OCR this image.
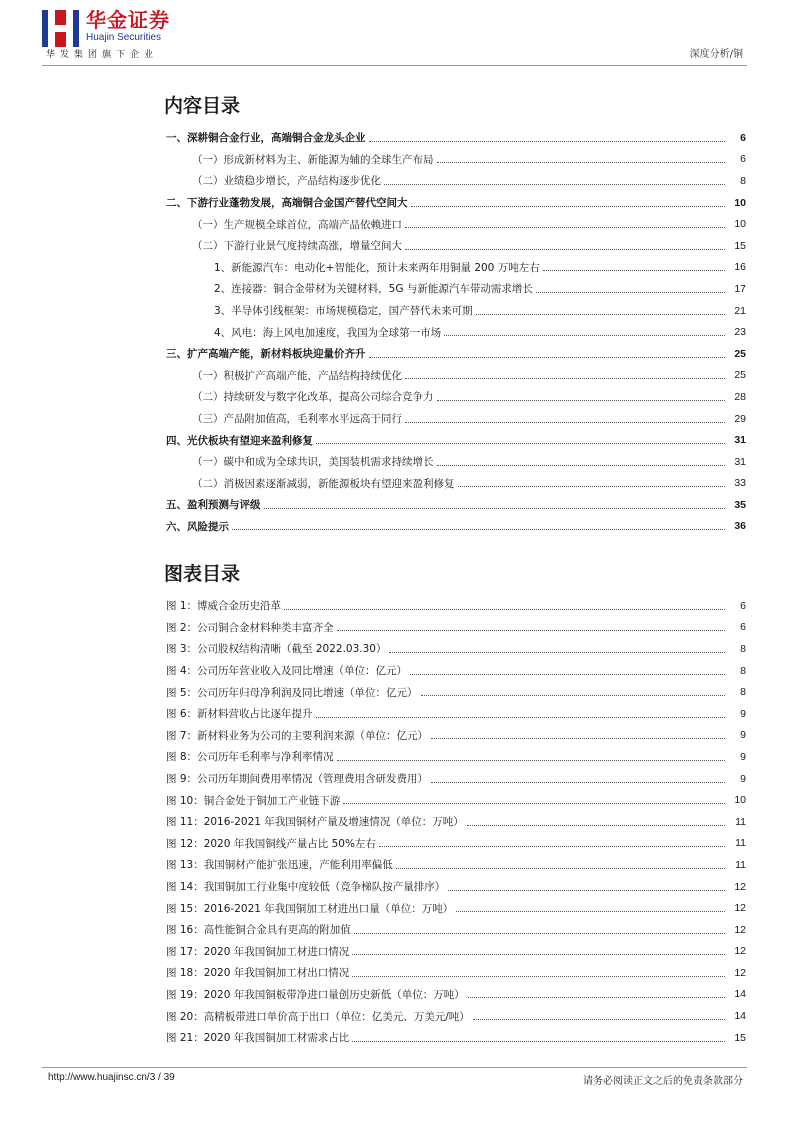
华金证券
Huajin Securities
华发集团旗下企业	深度分析/铜
内容目录
一、深耕铜合金行业，高端铜合金龙头企业	6
（一）形成新材料为主、新能源为辅的全球生产布局	6
（二）业绩稳步增长，产品结构逐步优化	8
二、下游行业蓬勃发展，高端铜合金国产替代空间大	10
（一）生产规模全球首位，高端产品依赖进口	10
（二）下游行业景气度持续高涨，增量空间大	15
1、新能源汽车：电动化+智能化，预计未来两年用铜量 200 万吨左右	16
2、连接器：铜合金带材为关键材料，5G 与新能源汽车带动需求增长	17
3、半导体引线框架：市场规模稳定，国产替代未来可期	21
4、风电：海上风电加速度，我国为全球第一市场	23
三、扩产高端产能，新材料板块迎量价齐升	25
（一）积极扩产高端产能，产品结构持续优化	25
（二）持续研发与数字化改革，提高公司综合竞争力	28
（三）产品附加值高，毛利率水平远高于同行	29
四、光伏板块有望迎来盈利修复	31
（一）碳中和成为全球共识，美国装机需求持续增长	31
（二）消极因素逐渐减弱，新能源板块有望迎来盈利修复	33
五、盈利预测与评级	35
六、风险提示	36
图表目录
图 1：博威合金历史沿革	6
图 2：公司铜合金材料种类丰富齐全	6
图 3：公司股权结构清晰（截至 2022.03.30）	8
图 4：公司历年营业收入及同比增速（单位：亿元）	8
图 5：公司历年归母净利润及同比增速（单位：亿元）	8
图 6：新材料营收占比逐年提升	9
图 7：新材料业务为公司的主要利润来源（单位：亿元）	9
图 8：公司历年毛利率与净利率情况	9
图 9：公司历年期间费用率情况（管理费用含研发费用）	9
图 10：铜合金处于铜加工产业链下游	10
图 11：2016-2021 年我国铜材产量及增速情况（单位：万吨）	11
图 12：2020 年我国铜线产量占比 50%左右	11
图 13：我国铜材产能扩张迅速，产能利用率偏低	11
图 14：我国铜加工行业集中度较低（竞争梯队按产量排序）	12
图 15：2016-2021 年我国铜加工材进出口量（单位：万吨）	12
图 16：高性能铜合金具有更高的附加值	12
图 17：2020 年我国铜加工材进口情况	12
图 18：2020 年我国铜加工材出口情况	12
图 19：2020 年我国铜板带净进口量创历史新低（单位：万吨）	14
图 20：高精板带进口单价高于出口（单位：亿美元、万美元/吨）	14
图 21：2020 年我国铜加工材需求占比	15
http://www.huajinsc.cn/3 / 39	请务必阅读正文之后的免责条款部分
